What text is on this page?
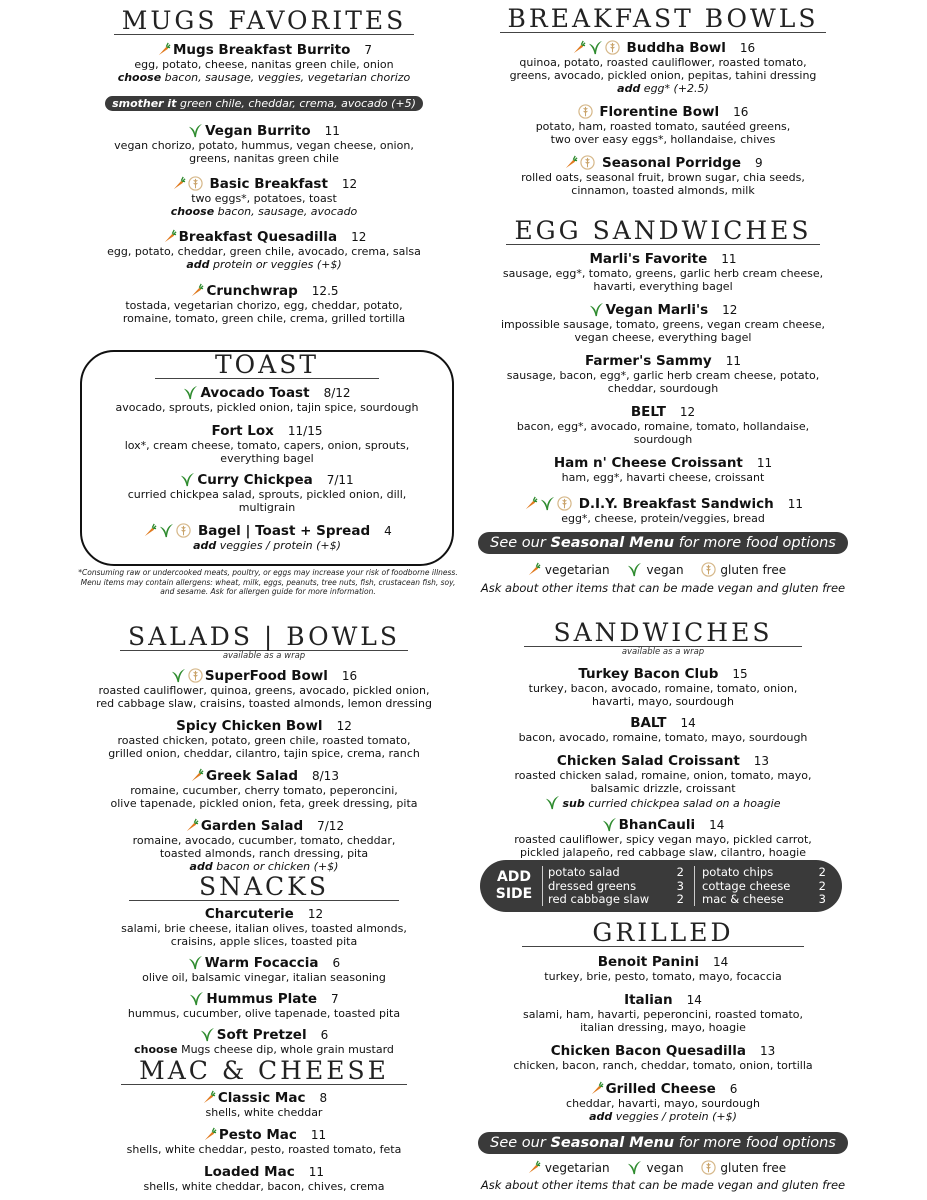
MUGS FAVORITES
Mugs Breakfast Burrito 7
egg, potato, cheese, nanitas green chile, onion
choose bacon, sausage, veggies, vegetarian chorizo
smother it green chile, cheddar, crema, avocado (+5)
Vegan Burrito 11
vegan chorizo, potato, hummus, vegan cheese, onion,
greens, nanitas green chile
Basic Breakfast 12
two eggs*, potatoes, toast
choose bacon, sausage, avocado
Breakfast Quesadilla 12
egg, potato, cheddar, green chile, avocado, crema, salsa
add protein or veggies (+$)
Crunchwrap 12.5
tostada, vegetarian chorizo, egg, cheddar, potato,
romaine, tomato, green chile, crema, grilled tortilla
TOAST
Avocado Toast 8/12
avocado, sprouts, pickled onion, tajin spice, sourdough
Fort Lox 11/15
lox*, cream cheese, tomato, capers, onion, sprouts,
everything bagel
Curry Chickpea 7/11
curried chickpea salad, sprouts, pickled onion, dill,
multigrain
Bagel | Toast + Spread 4
add veggies / protein (+$)
*Consuming raw or undercooked meats, poultry, or eggs may increase your risk of foodborne illness.
Menu items may contain allergens: wheat, milk, eggs, peanuts, tree nuts, fish, crustacean fish, soy,
and sesame. Ask for allergen guide for more information.
SALADS | BOWLS
available as a wrap
SuperFood Bowl 16
roasted cauliflower, quinoa, greens, avocado, pickled onion,
red cabbage slaw, craisins, toasted almonds, lemon dressing
Spicy Chicken Bowl 12
roasted chicken, potato, green chile, roasted tomato,
grilled onion, cheddar, cilantro, tajin spice, crema, ranch
Greek Salad 8/13
romaine, cucumber, cherry tomato, peperoncini,
olive tapenade, pickled onion, feta, greek dressing, pita
Garden Salad 7/12
romaine, avocado, cucumber, tomato, cheddar,
toasted almonds, ranch dressing, pita
add bacon or chicken (+$)
SNACKS
Charcuterie 12
salami, brie cheese, italian olives, toasted almonds,
craisins, apple slices, toasted pita
Warm Focaccia 6
olive oil, balsamic vinegar, italian seasoning
Hummus Plate 7
hummus, cucumber, olive tapenade, toasted pita
Soft Pretzel 6
choose Mugs cheese dip, whole grain mustard
MAC & CHEESE
Classic Mac 8
shells, white cheddar
Pesto Mac 11
shells, white cheddar, pesto, roasted tomato, feta
Loaded Mac 11
shells, white cheddar, bacon, chives, crema
BREAKFAST BOWLS
Buddha Bowl 16
quinoa, potato, roasted cauliflower, roasted tomato,
greens, avocado, pickled onion, pepitas, tahini dressing
add egg* (+2.5)
Florentine Bowl 16
potato, ham, roasted tomato, sautéed greens,
two over easy eggs*, hollandaise, chives
Seasonal Porridge 9
rolled oats, seasonal fruit, brown sugar, chia seeds,
cinnamon, toasted almonds, milk
EGG SANDWICHES
Marli's Favorite 11
sausage, egg*, tomato, greens, garlic herb cream cheese,
havarti, everything bagel
Vegan Marli's 12
impossible sausage, tomato, greens, vegan cream cheese,
vegan cheese, everything bagel
Farmer's Sammy 11
sausage, bacon, egg*, garlic herb cream cheese, potato,
cheddar, sourdough
BELT 12
bacon, egg*, avocado, romaine, tomato, hollandaise,
sourdough
Ham n' Cheese Croissant 11
ham, egg*, havarti cheese, croissant
D.I.Y. Breakfast Sandwich 11
egg*, cheese, protein/veggies, bread
See our Seasonal Menu for more food options
vegetarian	vegan	gluten free
Ask about other items that can be made vegan and gluten free
SANDWICHES
available as a wrap
Turkey Bacon Club 15
turkey, bacon, avocado, romaine, tomato, onion,
havarti, mayo, sourdough
BALT 14
bacon, avocado, romaine, tomato, mayo, sourdough
Chicken Salad Croissant 13
roasted chicken salad, romaine, onion, tomato, mayo,
balsamic drizzle, croissant
sub curried chickpea salad on a hoagie
BhanCauli 14
roasted cauliflower, spicy vegan mayo, pickled carrot,
pickled jalapeño, red cabbage slaw, cilantro, hoagie
ADD
SIDE
potato salad	2
dressed greens	3
red cabbage slaw 2
potato chips	2
cottage cheese 2
mac & cheese	3
GRILLED
Benoit Panini 14
turkey, brie, pesto, tomato, mayo, focaccia
Italian 14
salami, ham, havarti, peperoncini, roasted tomato,
italian dressing, mayo, hoagie
Chicken Bacon Quesadilla 13
chicken, bacon, ranch, cheddar, tomato, onion, tortilla
Grilled Cheese 6
cheddar, havarti, mayo, sourdough
add veggies / protein (+$)
See our Seasonal Menu for more food options
vegetarian	vegan	gluten free
Ask about other items that can be made vegan and gluten free
